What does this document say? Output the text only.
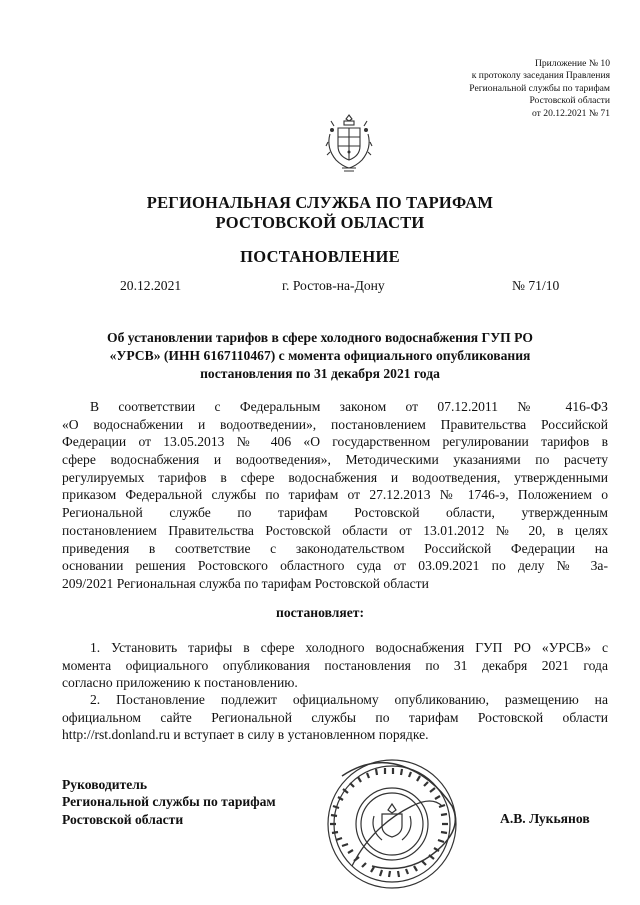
Приложение № 10
к протоколу заседания Правления
Региональной службы по тарифам
Ростовской области
от 20.12.2021 № 71
РЕГИОНАЛЬНАЯ СЛУЖБА ПО ТАРИФАМ
РОСТОВСКОЙ ОБЛАСТИ
ПОСТАНОВЛЕНИЕ
20.12.2021	г. Ростов-на-Дону	№ 71/10
Об установлении тарифов в сфере холодного водоснабжения ГУП РО
«УРСВ» (ИНН 6167110467) с момента официального опубликования
постановления по 31 декабря 2021 года
В соответствии с Федеральным законом от 07.12.2011 № 416-ФЗ
«О водоснабжении и водоотведении», постановлением Правительства Российской
Федерации от 13.05.2013 № 406 «О государственном регулировании тарифов в
сфере водоснабжения и водоотведения», Методическими указаниями по расчету
регулируемых тарифов в сфере водоснабжения и водоотведения, утвержденными
приказом Федеральной службы по тарифам от 27.12.2013 № 1746-э, Положением о
Региональной службе по тарифам Ростовской области, утвержденным
постановлением Правительства Ростовской области от 13.01.2012 № 20, в целях
приведения в соответствие с законодательством Российской Федерации на
основании решения Ростовского областного суда от 03.09.2021 по делу № 3а-
209/2021 Региональная служба по тарифам Ростовской области
постановляет:
1. Установить тарифы в сфере холодного водоснабжения ГУП РО «УРСВ» с
момента официального опубликования постановления по 31 декабря 2021 года
согласно приложению к постановлению.
2. Постановление подлежит официальному опубликованию, размещению на
официальном сайте Региональной службы по тарифам Ростовской области
http://rst.donland.ru и вступает в силу в установленном порядке.
Руководитель
Региональной службы по тарифам
Ростовской области	А.В. Лукьянов
